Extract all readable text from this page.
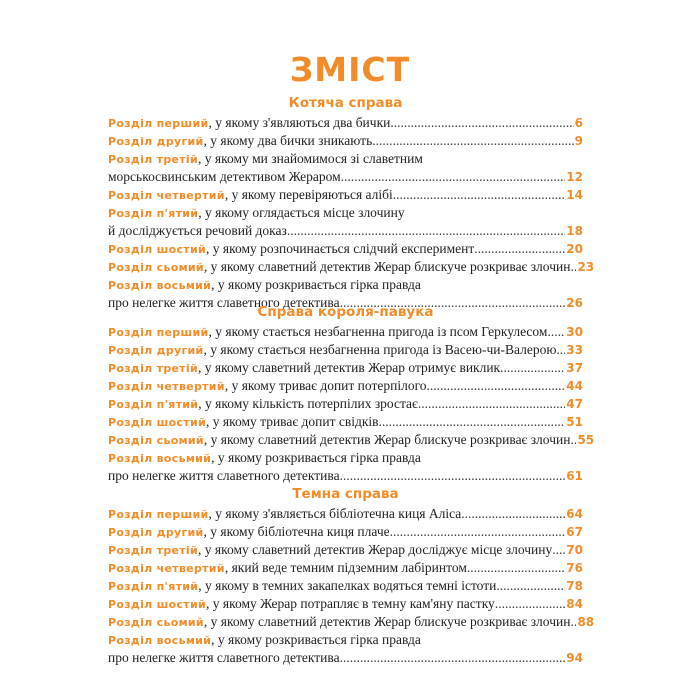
ЗМІСТ
Котяча справа
Розділ перший , у якому з'являються два бички .....	6
Розділ другий , у якому два бички зникають .....	9
Розділ третій , у якому ми знайомимося зі славетним
морськосвинським детективом Жераром .....	12
Розділ четвертий , у якому перевіряються алібі .....	14
Розділ п'ятий , у якому оглядається місце злочину
й досліджується речовий доказ .....	18
Розділ шостий , у якому розпочинається слідчий експеримент .....	20
Розділ сьомий , у якому славетний детектив Жерар блискуче розкриває злочин ..... 23
Розділ восьмий , у якому розкривається гірка правда
про нелегке життя славетного детектива .....	26
Справа короля-павука
Розділ перший , у якому стається незбагненна пригода із псом Геркулесом ..... 30
Розділ другий , у якому стається незбагненна пригода із Васею-чи-Валерою ..... 33
Розділ третій , у якому славетний детектив Жерар отримує виклик .....	37
Розділ четвертий , у якому триває допит потерпілого .....	44
Розділ п'ятий , у якому кількість потерпілих зростає .....	47
Розділ шостий , у якому триває допит свідків .....	51
Розділ сьомий , у якому славетний детектив Жерар блискуче розкриває злочин ..... 55
Розділ восьмий , у якому розкривається гірка правда
про нелегке життя славетного детектива .....	61
Темна справа
Розділ перший , у якому з'являється бібліотечна киця Аліса .....	64
Розділ другий , у якому бібліотечна киця плаче .....	67
Розділ третій , у якому славетний детектив Жерар досліджує місце злочину ..... 70
Розділ четвертий , який веде темним підземним лабіринтом .....	76
Розділ п'ятий , у якому в темних закапелках водяться темні істоти .....	78
Розділ шостий , у якому Жерар потрапляє в темну кам'яну пастку .....	84
Розділ сьомий , у якому славетний детектив Жерар блискуче розкриває злочин ..... 88
Розділ восьмий , у якому розкривається гірка правда
про нелегке життя славетного детектива .....	94
